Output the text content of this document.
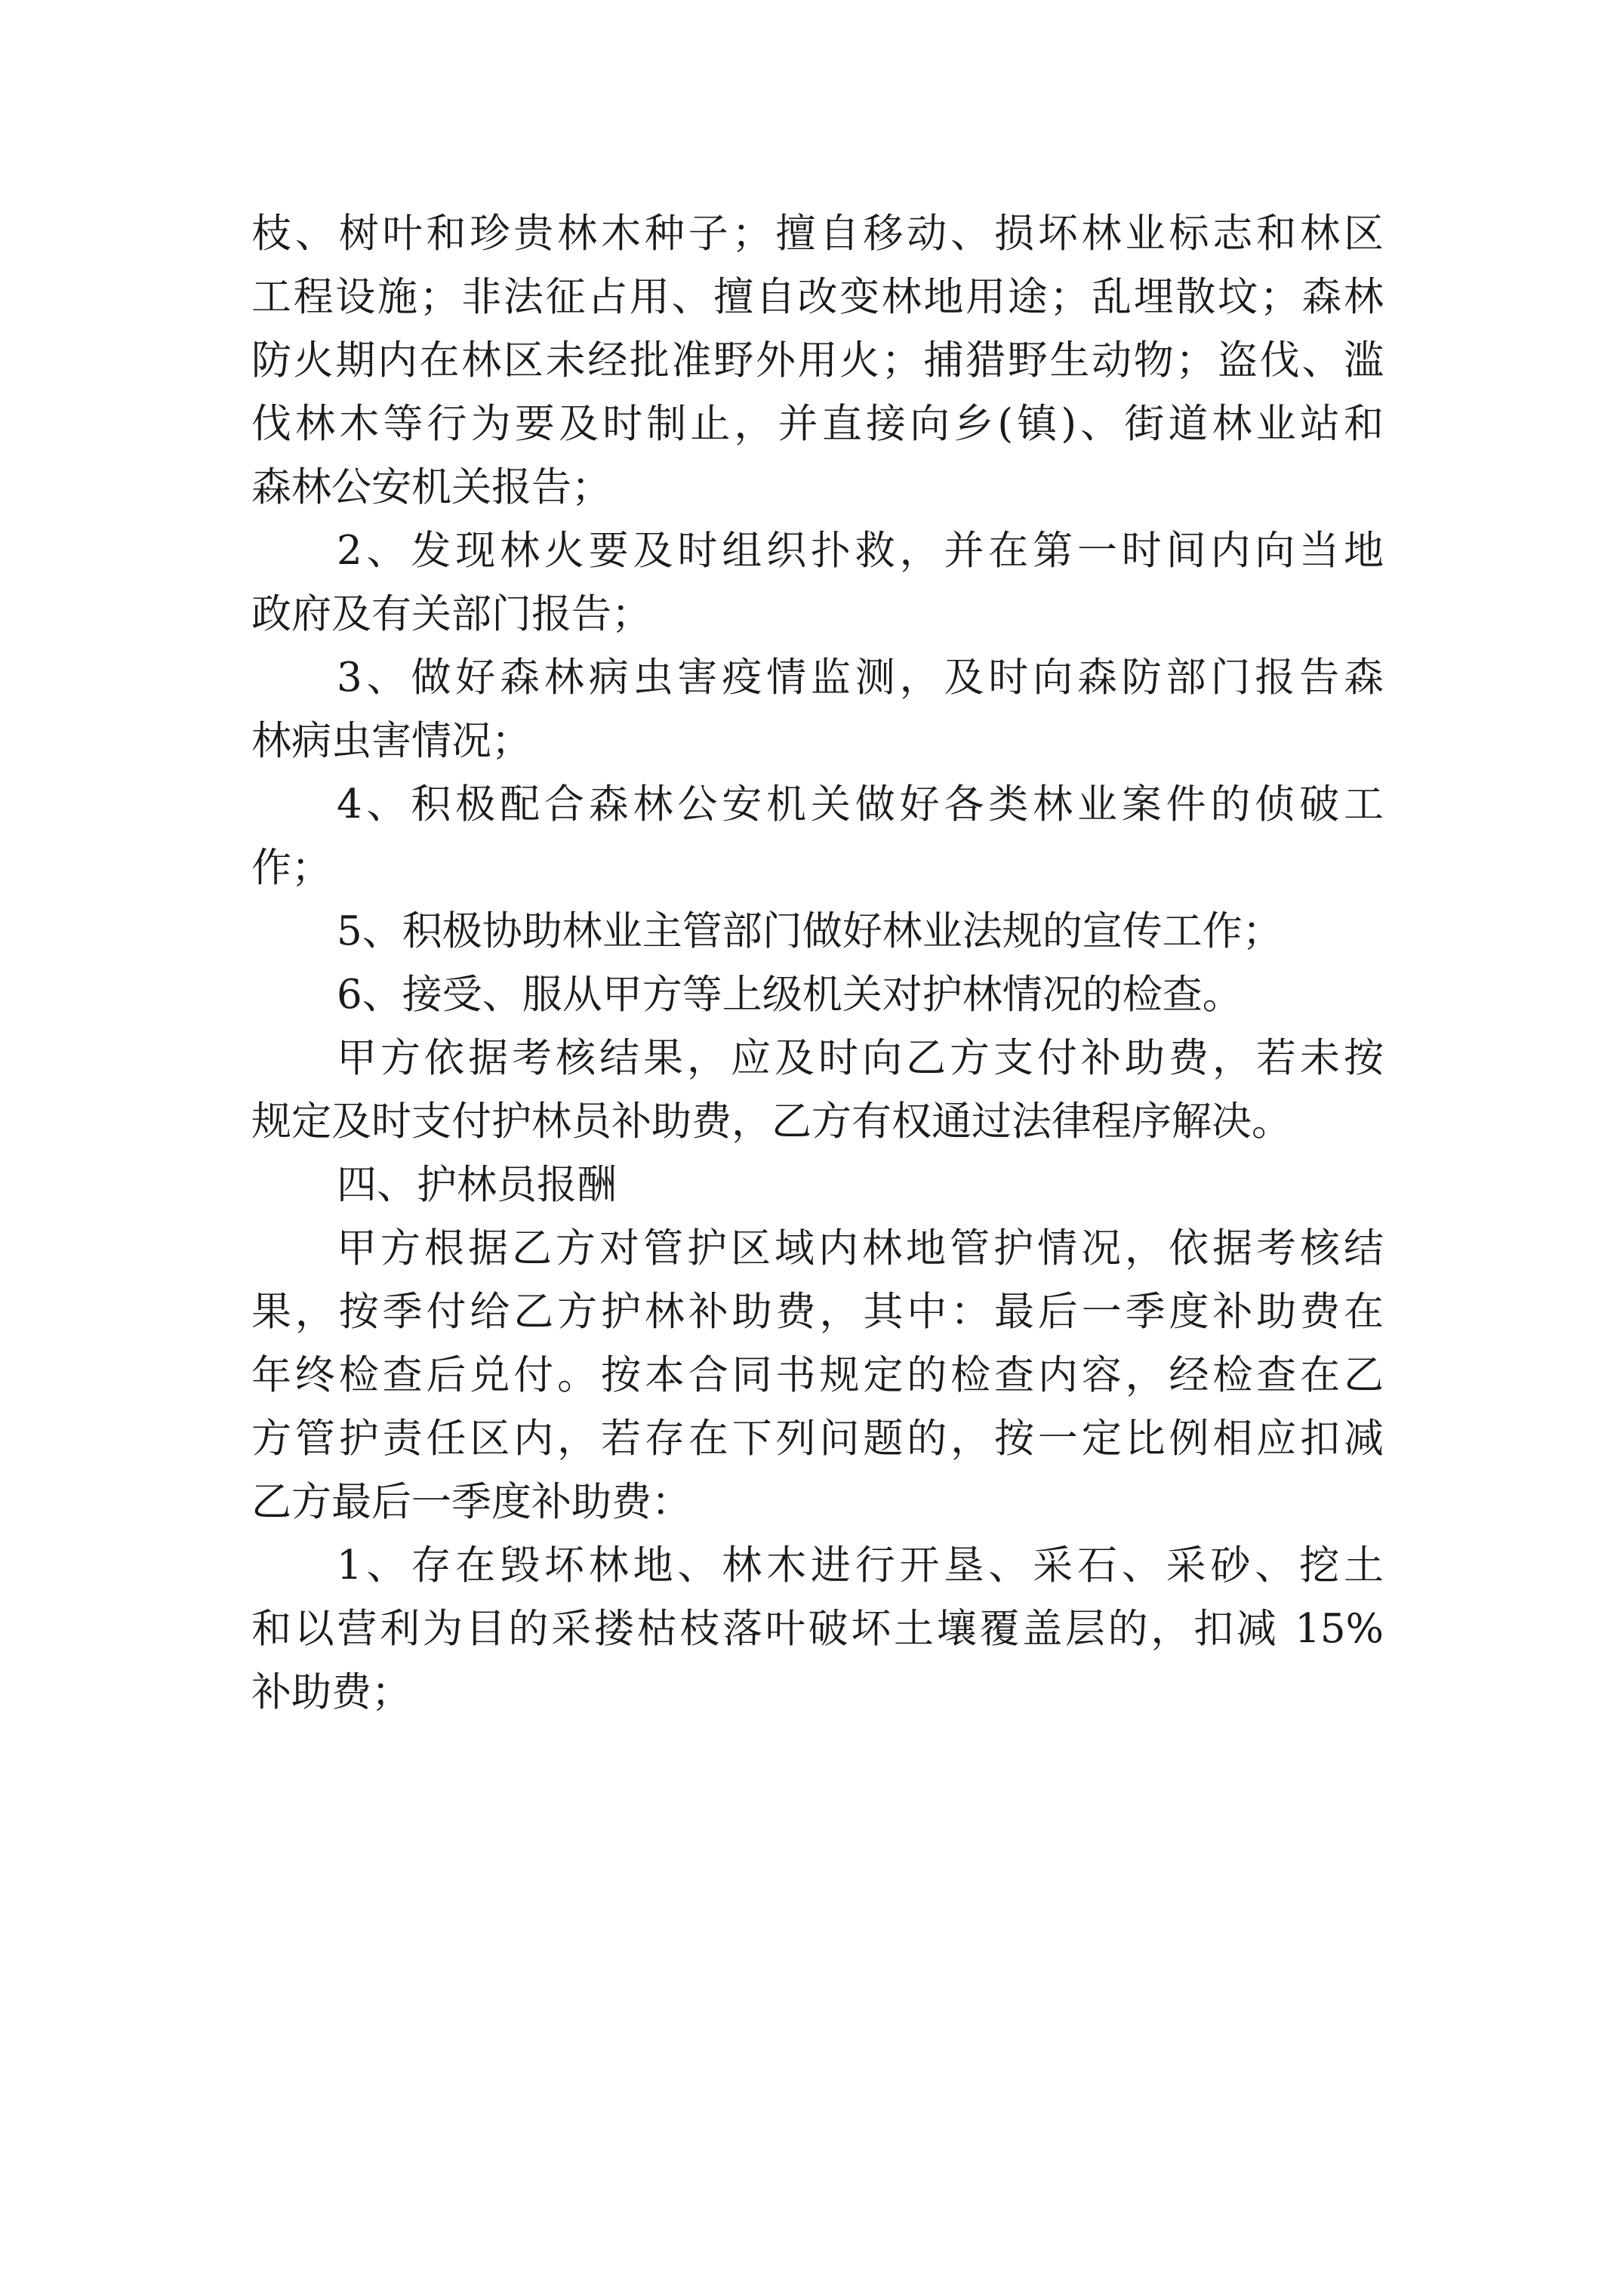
枝、树叶和珍贵林木种子；擅自移动、损坏林业标志和林区
工程设施；非法征占用、擅自改变林地用途；乱埋散坟；森林
防火期内在林区未经批准野外用火；捕猎野生动物；盗伐、滥
伐林木等行为要及时制止，并直接向乡(镇)、街道林业站和
森林公安机关报告；
2、发现林火要及时组织扑救，并在第一时间内向当地
政府及有关部门报告；
3、做好森林病虫害疫情监测，及时向森防部门报告森
林病虫害情况；
4、积极配合森林公安机关做好各类林业案件的侦破工
作；
5、积极协助林业主管部门做好林业法规的宣传工作；
6、接受、服从甲方等上级机关对护林情况的检查。
甲方依据考核结果，应及时向乙方支付补助费，若未按
规定及时支付护林员补助费，乙方有权通过法律程序解决。
四、护林员报酬
甲方根据乙方对管护区域内林地管护情况，依据考核结
果，按季付给乙方护林补助费，其中：最后一季度补助费在
年终检查后兑付。按本合同书规定的检查内容，经检查在乙
方管护责任区内，若存在下列问题的，按一定比例相应扣减
乙方最后一季度补助费：
1、存在毁坏林地、林木进行开垦、采石、采砂、挖土
和以营利为目的采搂枯枝落叶破坏土壤覆盖层的，扣减 15%
补助费；
